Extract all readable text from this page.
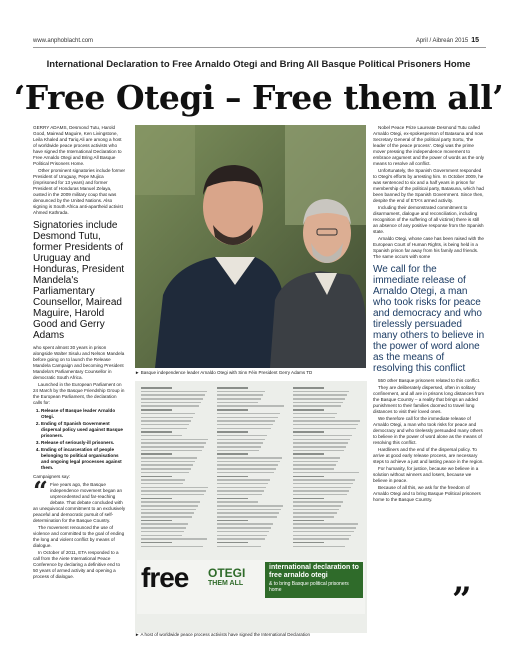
www.anphoblacht.com	April / Aibreán 2015 15
International Declaration to Free Arnaldo Otegi and Bring All Basque Political Prisoners Home
‘Free Otegi – Free them all’

GERRY ADAMS, Desmond Tutu, Harold Good, Mairead Maguire, Ken Livingstone, Leila Khaled and Tariq Ali are among a host of worldwide peace process activists who have signed the International Declaration to Free Arnaldo Otegi and Bring All Basque Political Prisoners Home.

Other prominent signatories include former President of Uruguay, Pepe Mujica (imprisoned for 13 years) and former President of Honduras Manuel Zelaya, ousted in the 2009 military coup that was denounced by the United Nations. Also signing is South Africa anti-apartheid activist Ahmed Kathrada.

Signatories include Desmond Tutu, former Presidents of Uruguay and Honduras, President Mandela's Parliamentary Counsellor, Mairead Maguire, Harold Good and Gerry Adams

who spent almost 30 years in prison alongside Walter Sisulu and Nelson Mandela before going on to launch the Release Mandela Campaign and becoming President Mandela's Parliamentary Counsellor in democratic South Africa.

Launched in the European Parliament on 24 March by the Basque Friendship Group in the European Parliament, the declaration calls for:

1. Release of Basque leader Arnaldo Otegi.
2. Ending of Spanish Government dispersal policy used against Basque prisoners.
3. Release of seriously-ill prisoners.
4. Ending of incarceration of people belonging to political organisations and ongoing legal processes against them.

Campaigners say:

“ Five years ago, the Basque independence movement began an unprecedented and far-reaching debate. That debate concluded with an unequivocal commitment to an exclusively peaceful and democratic pursuit of self-determination for the Basque Country.

The movement renounced the use of violence and committed to the goal of ending the long and violent conflict by means of dialogue.

In October of 2011, ETA responded to a call from the Aiete International Peace Conference by declaring a definitive end to 50 years of armed activity and opening a process of dialogue.

► Basque independence leader Arnaldo Otegi with Sinn Féin President Gerry Adams TD

Nobel Peace Prize Laureate Desmond Tutu called Arnaldo Otegi, ex-spokesperson of Batasuna and now Secretary General of the political party Sortu, 'the leader of the peace process'. Otegi was the prime mover pressing the independence movement to embrace argument and the power of words as the only means to resolve all conflict.

Unfortunately, the Spanish Government responded to Otegi's efforts by arresting him. In October 2009, he was sentenced to six and a half years in prison for membership of the political party, Batasuna, which had been banned by the Spanish Government. Since then, despite the end of ETA's armed activity.

Including their demonstrated commitment to disarmament, dialogue and reconciliation, including recognition of the suffering of all victims) there is still an absence of any positive response from the Spanish state.

Arnaldo Otegi, whose case has been raised with the European Court of Human Rights, is being held in a Spanish prison far away from his family and friends. The same occurs with some

We call for the immediate release of Arnaldo Otegi, a man who took risks for peace and democracy and who tirelessly persuaded many others to believe in the power of word alone as the means of resolving this conflict

550 other Basque prisoners related to this conflict.

They are deliberately dispersed, often in solitary confinement, and all are in prisons long distances from the Basque Country – a reality that brings an added punishment to their families doomed to travel long distances to visit their loved ones.

We therefore call for the immediate release of Arnaldo Otegi, a man who took risks for peace and democracy and who tirelessly persuaded many others to believe in the power of word alone as the means of resolving this conflict.

Hardliners and the end of the dispersal policy. To arrive at good early release process, are necessary steps to achieve a just and lasting peace in the region.

For humanity, for justice, because we believe in a solution without winners and losers, because we believe in peace.

Because of all this, we ask for the freedom of Arnaldo Otegi and to bring Basque Political prisoners home to the Basque Country.

free OTEGI
THEM ALL
international declaration to free arnaldo otegi
& to bring Basque political prisoners home
► A host of worldwide peace process activists have signed the International Declaration
”
